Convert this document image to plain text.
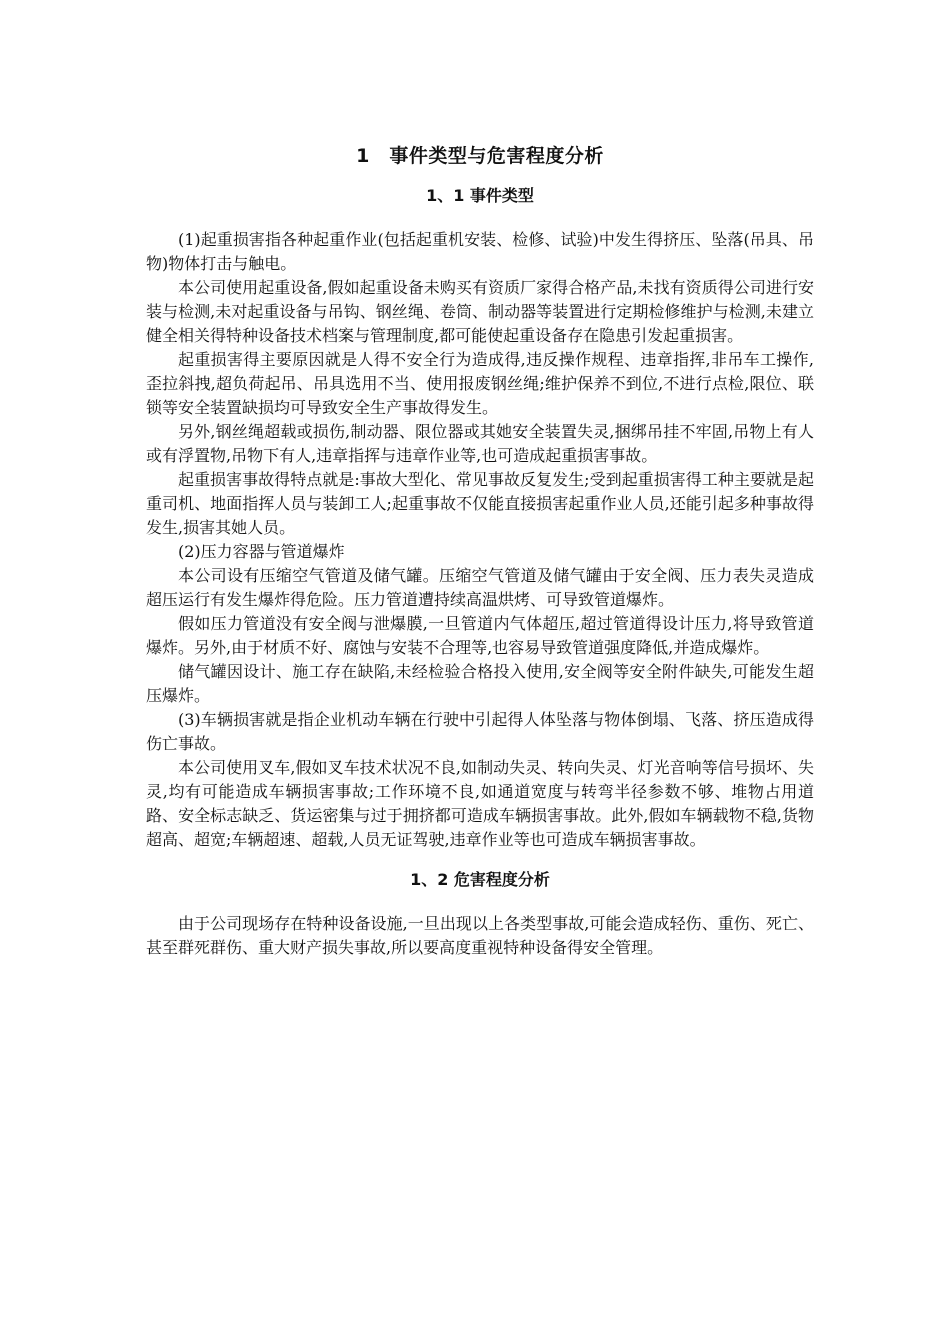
1　事件类型与危害程度分析
1、1 事件类型

(1)起重损害指各种起重作业(包括起重机安装、检修、试验)中发生得挤压、坠落(吊具、吊物)物体打击与触电。

本公司使用起重设备,假如起重设备未购买有资质厂家得合格产品,未找有资质得公司进行安装与检测,未对起重设备与吊钩、钢丝绳、卷筒、制动器等装置进行定期检修维护与检测,未建立健全相关得特种设备技术档案与管理制度,都可能使起重设备存在隐患引发起重损害。

起重损害得主要原因就是人得不安全行为造成得,违反操作规程、违章指挥,非吊车工操作,歪拉斜拽,超负荷起吊、吊具选用不当、使用报废钢丝绳;维护保养不到位,不进行点检,限位、联锁等安全装置缺损均可导致安全生产事故得发生。

另外,钢丝绳超载或损伤,制动器、限位器或其她安全装置失灵,捆绑吊挂不牢固,吊物上有人或有浮置物,吊物下有人,违章指挥与违章作业等,也可造成起重损害事故。

起重损害事故得特点就是:事故大型化、常见事故反复发生;受到起重损害得工种主要就是起重司机、地面指挥人员与装卸工人;起重事故不仅能直接损害起重作业人员,还能引起多种事故得发生,损害其她人员。

(2)压力容器与管道爆炸

本公司设有压缩空气管道及储气罐。压缩空气管道及储气罐由于安全阀、压力表失灵造成超压运行有发生爆炸得危险。压力管道遭持续高温烘烤、可导致管道爆炸。

假如压力管道没有安全阀与泄爆膜,一旦管道内气体超压,超过管道得设计压力,将导致管道爆炸。另外,由于材质不好、腐蚀与安装不合理等,也容易导致管道强度降低,并造成爆炸。

储气罐因设计、施工存在缺陷,未经检验合格投入使用,安全阀等安全附件缺失,可能发生超压爆炸。

(3)车辆损害就是指企业机动车辆在行驶中引起得人体坠落与物体倒塌、飞落、挤压造成得伤亡事故。

本公司使用叉车,假如叉车技术状况不良,如制动失灵、转向失灵、灯光音响等信号损坏、失灵,均有可能造成车辆损害事故;工作环境不良,如通道宽度与转弯半径参数不够、堆物占用道路、安全标志缺乏、货运密集与过于拥挤都可造成车辆损害事故。此外,假如车辆载物不稳,货物超高、超宽;车辆超速、超载,人员无证驾驶,违章作业等也可造成车辆损害事故。

1、2 危害程度分析

由于公司现场存在特种设备设施,一旦出现以上各类型事故,可能会造成轻伤、重伤、死亡、甚至群死群伤、重大财产损失事故,所以要高度重视特种设备得安全管理。
